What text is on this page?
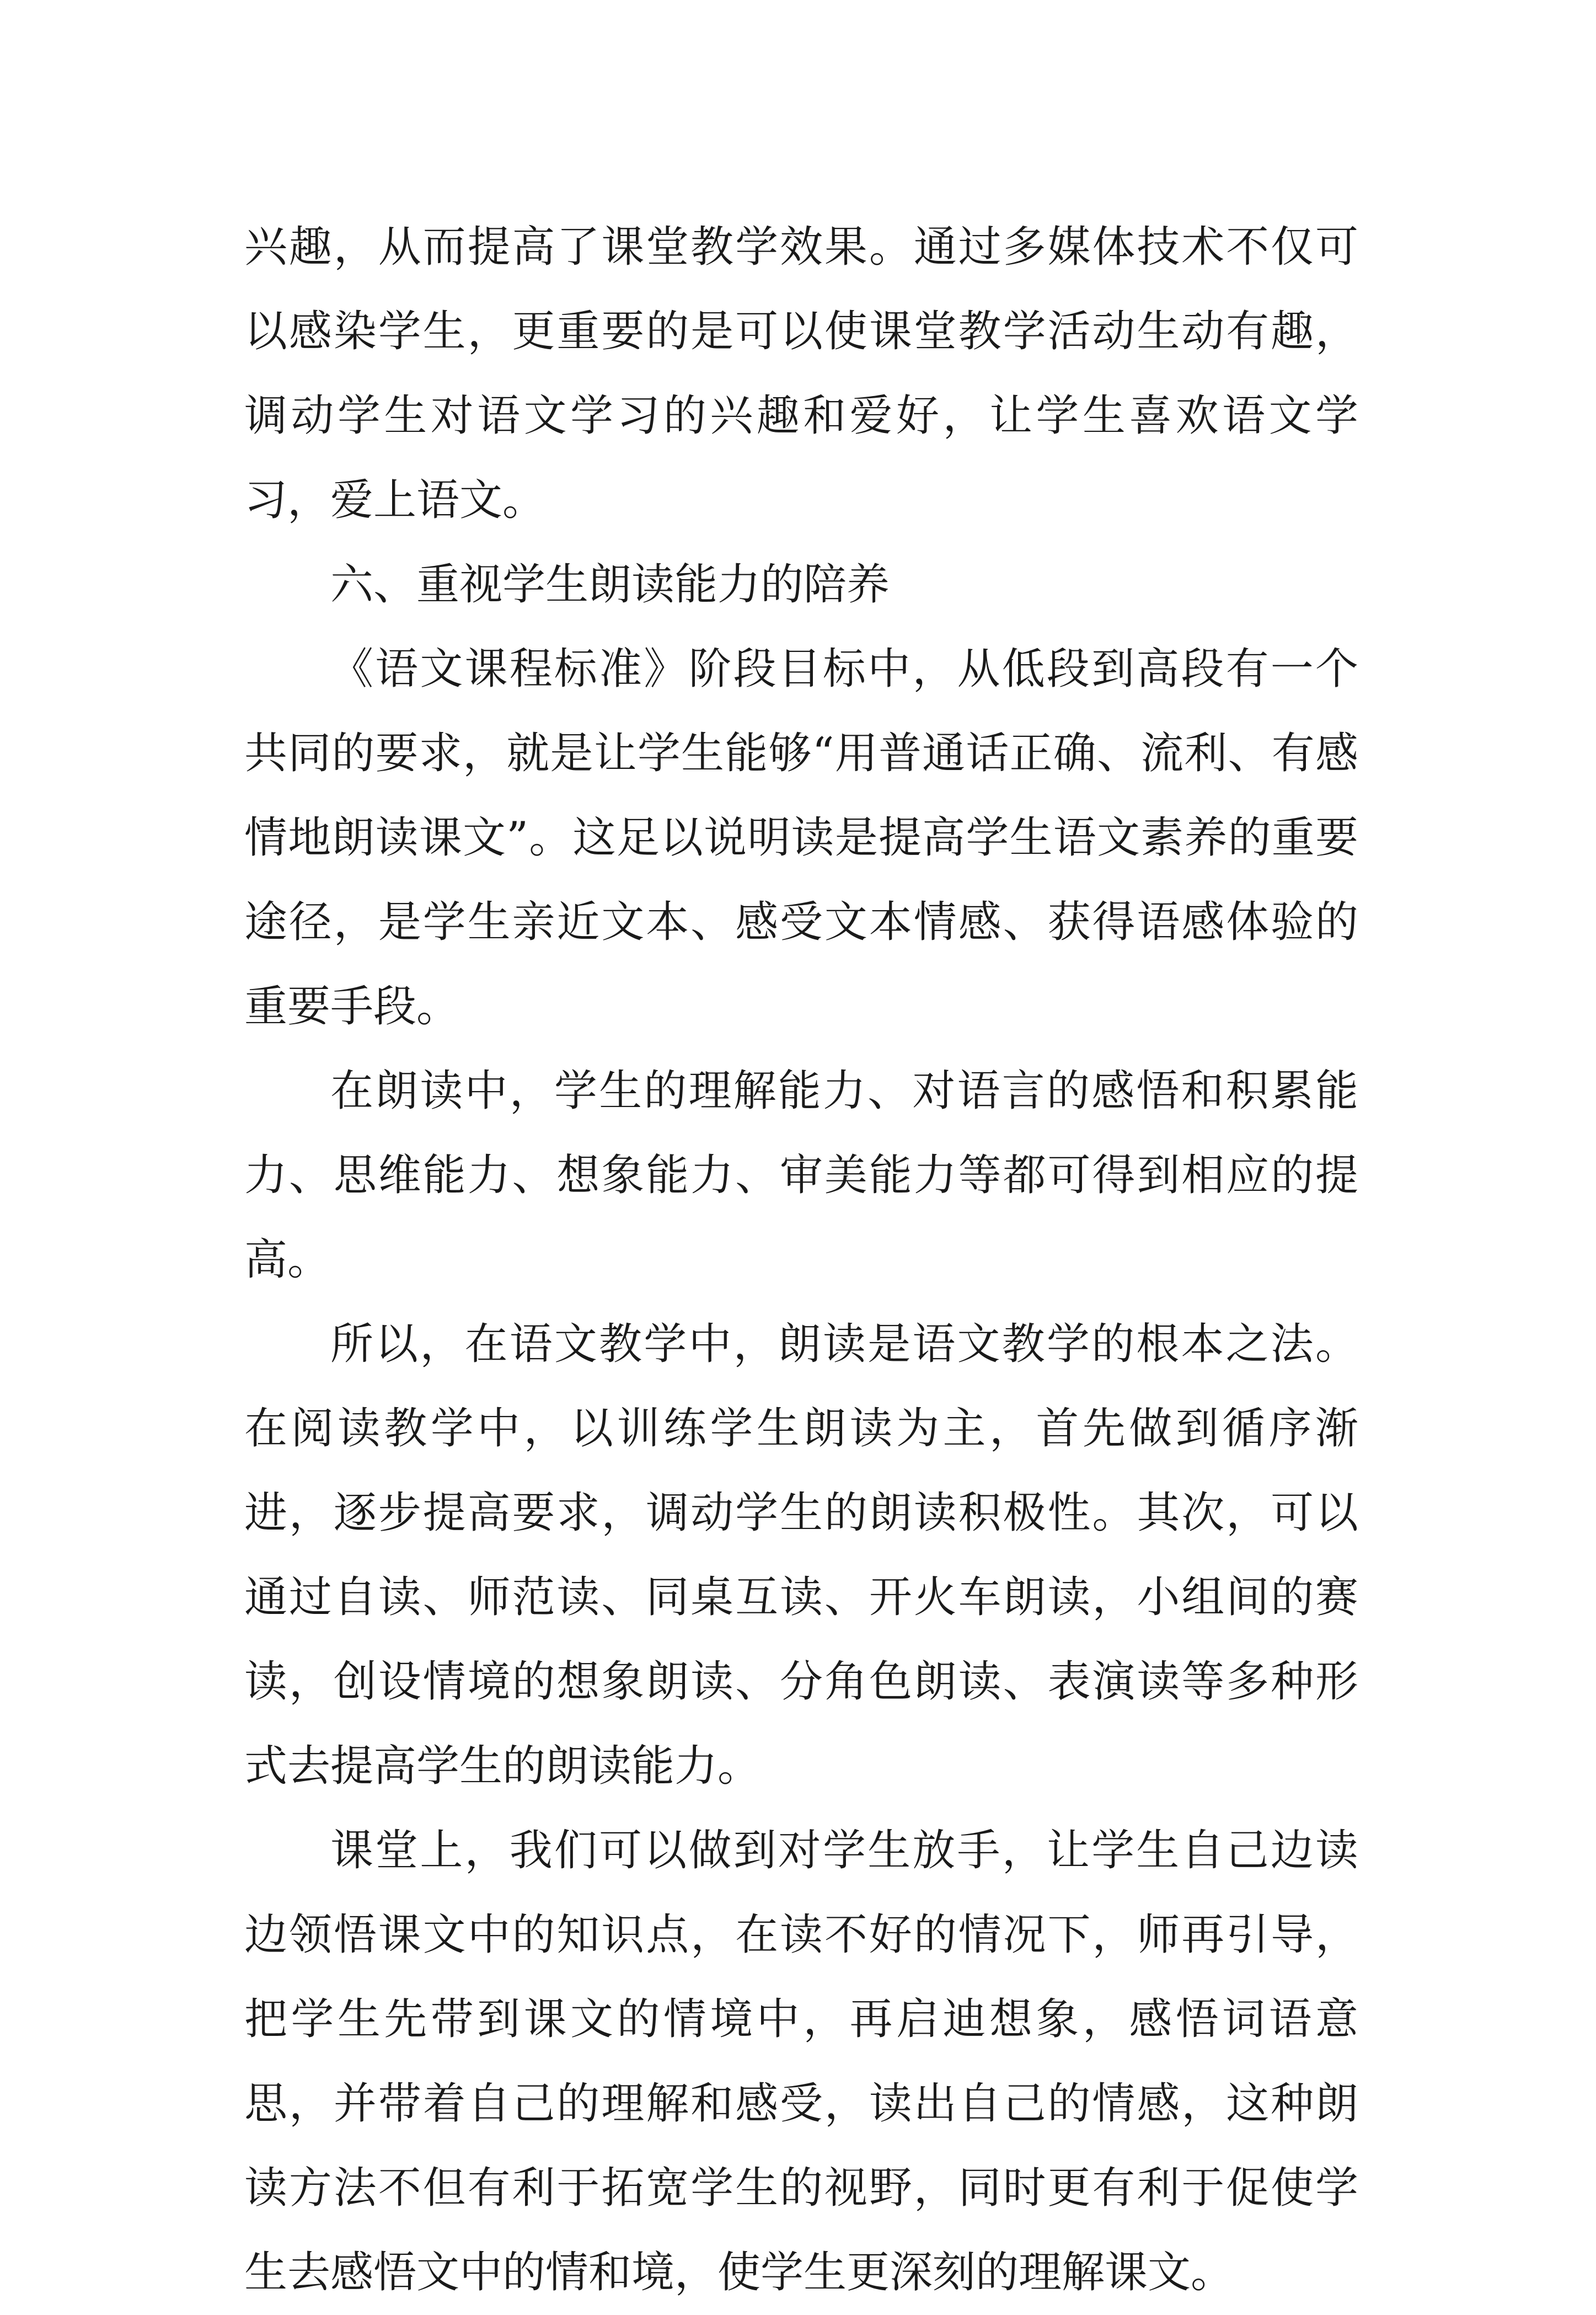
兴趣，从而提高了课堂教学效果。通过多媒体技术不仅可以感染学生，更重要的是可以使课堂教学活动生动有趣，调动学生对语文学习的兴趣和爱好，让学生喜欢语文学习，爱上语文。

六、重视学生朗读能力的陪养

《语文课程标准》阶段目标中，从低段到高段有一个共同的要求，就是让学生能够“用普通话正确、流利、有感情地朗读课文”。这足以说明读是提高学生语文素养的重要途径，是学生亲近文本、感受文本情感、获得语感体验的重要手段。

在朗读中，学生的理解能力、对语言的感悟和积累能力、思维能力、想象能力、审美能力等都可得到相应的提高。

所以，在语文教学中，朗读是语文教学的根本之法。在阅读教学中，以训练学生朗读为主，首先做到循序渐进，逐步提高要求，调动学生的朗读积极性。其次，可以通过自读、师范读、同桌互读、开火车朗读，小组间的赛读，创设情境的想象朗读、分角色朗读、表演读等多种形式去提高学生的朗读能力。

课堂上，我们可以做到对学生放手，让学生自己边读边领悟课文中的知识点，在读不好的情况下，师再引导，把学生先带到课文的情境中，再启迪想象，感悟词语意思，并带着自己的理解和感受，读出自己的情感，这种朗读方法不但有利于拓宽学生的视野，同时更有利于促使学生去感悟文中的情和境，使学生更深刻的理解课文。
